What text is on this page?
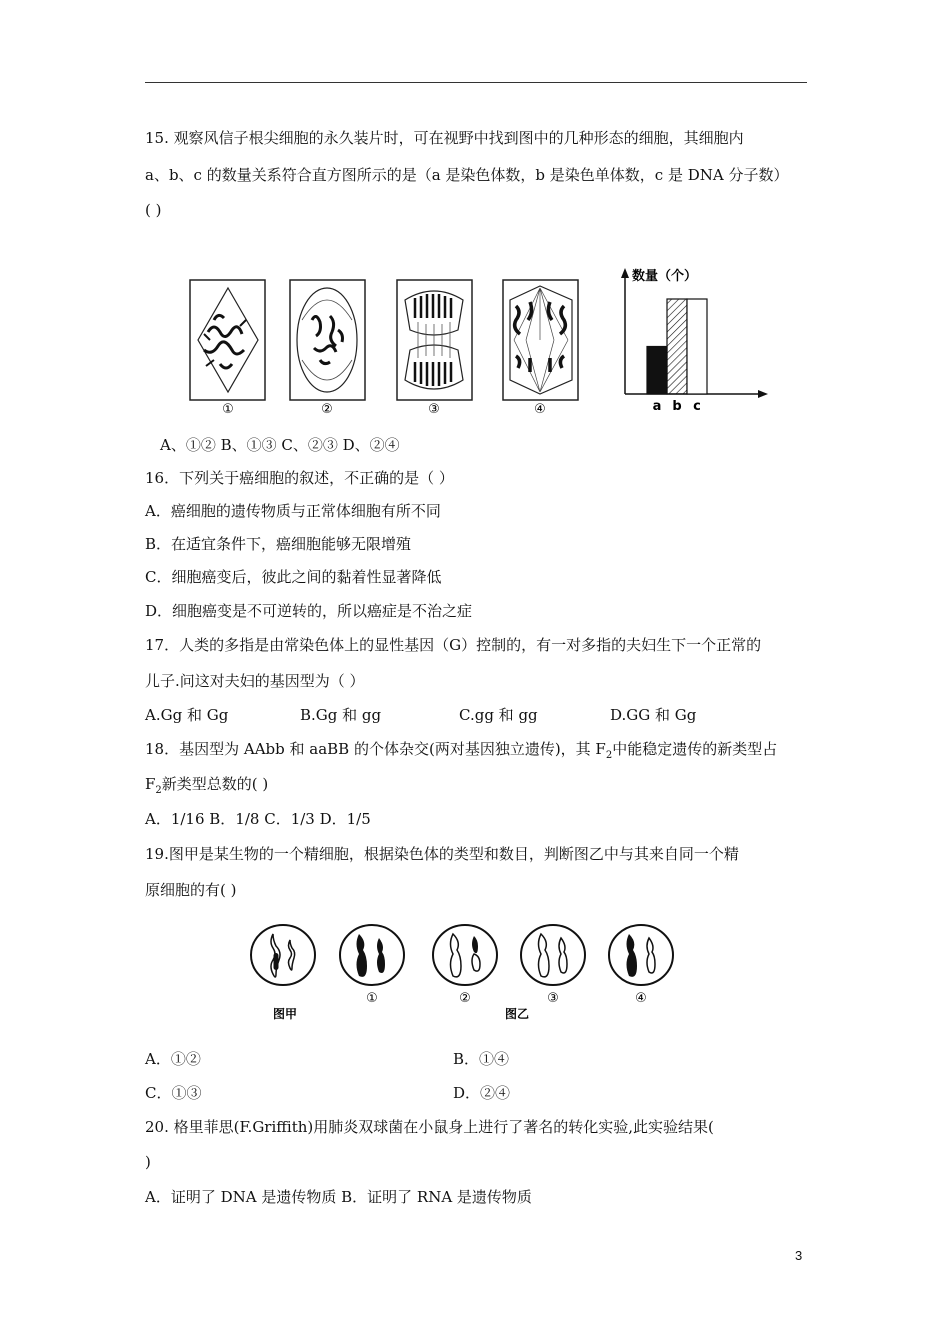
15. 观察风信子根尖细胞的永久装片时，可在视野中找到图中的几种形态的细胞，其细胞内
a、b、c 的数量关系符合直方图所示的是（a 是染色体数，b 是染色单体数，c 是 DNA 分子数）
( )
①	②	③	④
数量（个）
a b c
A、①② B、①③ C、②③ D、②④
16．下列关于癌细胞的叙述，不正确的是（ ）
A．癌细胞的遗传物质与正常体细胞有所不同
B．在适宜条件下，癌细胞能够无限增殖
C．细胞癌变后，彼此之间的黏着性显著降低
D．细胞癌变是不可逆转的，所以癌症是不治之症
17．人类的多指是由常染色体上的显性基因（G）控制的，有一对多指的夫妇生下一个正常的
儿子.问这对夫妇的基因型为（ ）
A.Gg 和 Gg	B.Gg 和 gg	C.gg 和 gg	D.GG 和 Gg
18．基因型为 AAbb 和 aaBB 的个体杂交(两对基因独立遗传)，其 $F_2$中能稳定遗传的新类型占
$F_2$新类型总数的( )
A．1/16 B．1/8 C．1/3 D．1/5
19.图甲是某生物的一个精细胞，根据染色体的类型和数目，判断图乙中与其来自同一个精
原细胞的有( )
①	②	③	④
图甲	图乙
A．①②	B．①④
C．①③	D．②④
20. 格里菲思(F.Griffith)用肺炎双球菌在小鼠身上进行了著名的转化实验,此实验结果(
)
A．证明了 DNA 是遗传物质 B．证明了 RNA 是遗传物质
3
